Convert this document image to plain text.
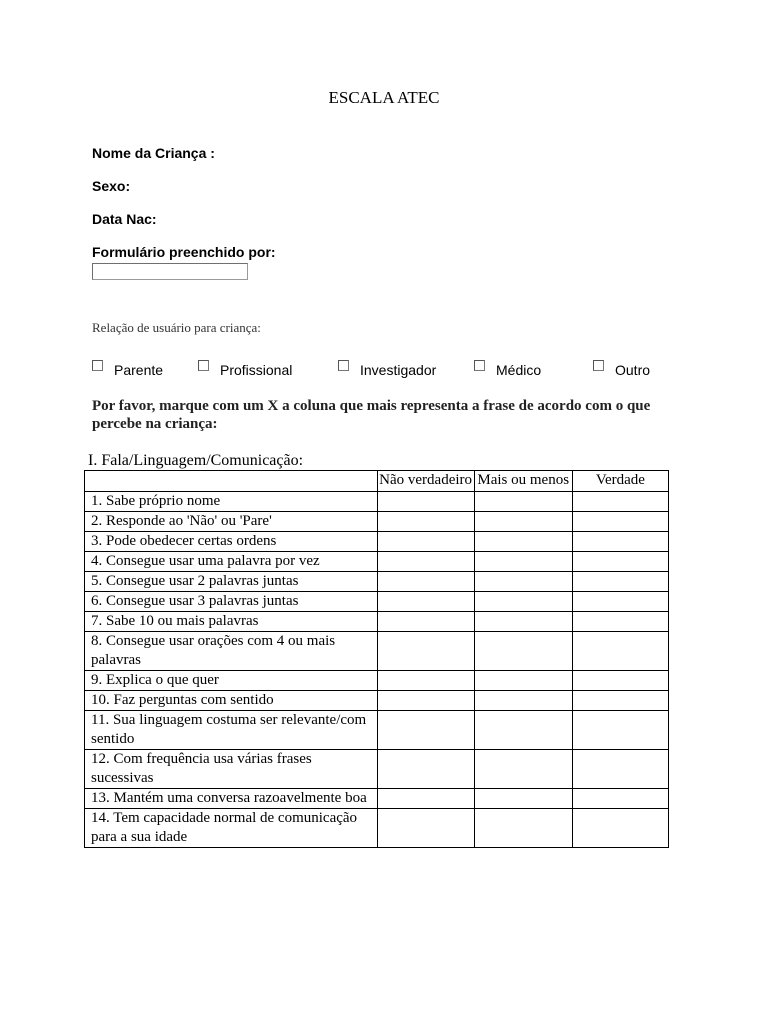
ESCALA ATEC
Nome da Criança :
Sexo:
Data Nac:
Formulário preenchido por:
Relação de usuário para criança:
Parente	Profissional	Investigador	Médico	Outro
Por favor, marque com um X a coluna que mais representa a frase de acordo com o que percebe na criança:
I. Fala/Linguagem/Comunicação:
	Não verdadeiro	Mais ou menos	Verdade
1. Sabe próprio nome			
2. Responde ao 'Não' ou 'Pare'			
3. Pode obedecer certas ordens			
4. Consegue usar uma palavra por vez			
5. Consegue usar 2 palavras juntas			
6. Consegue usar 3 palavras juntas			
7. Sabe 10 ou mais palavras			
8. Consegue usar orações com 4 ou mais palavras			
9. Explica o que quer			
10. Faz perguntas com sentido			
11. Sua linguagem costuma ser relevante/com sentido			
12. Com frequência usa várias frases sucessivas			
13. Mantém uma conversa razoavelmente boa			
14. Tem capacidade normal de comunicação para a sua idade			
